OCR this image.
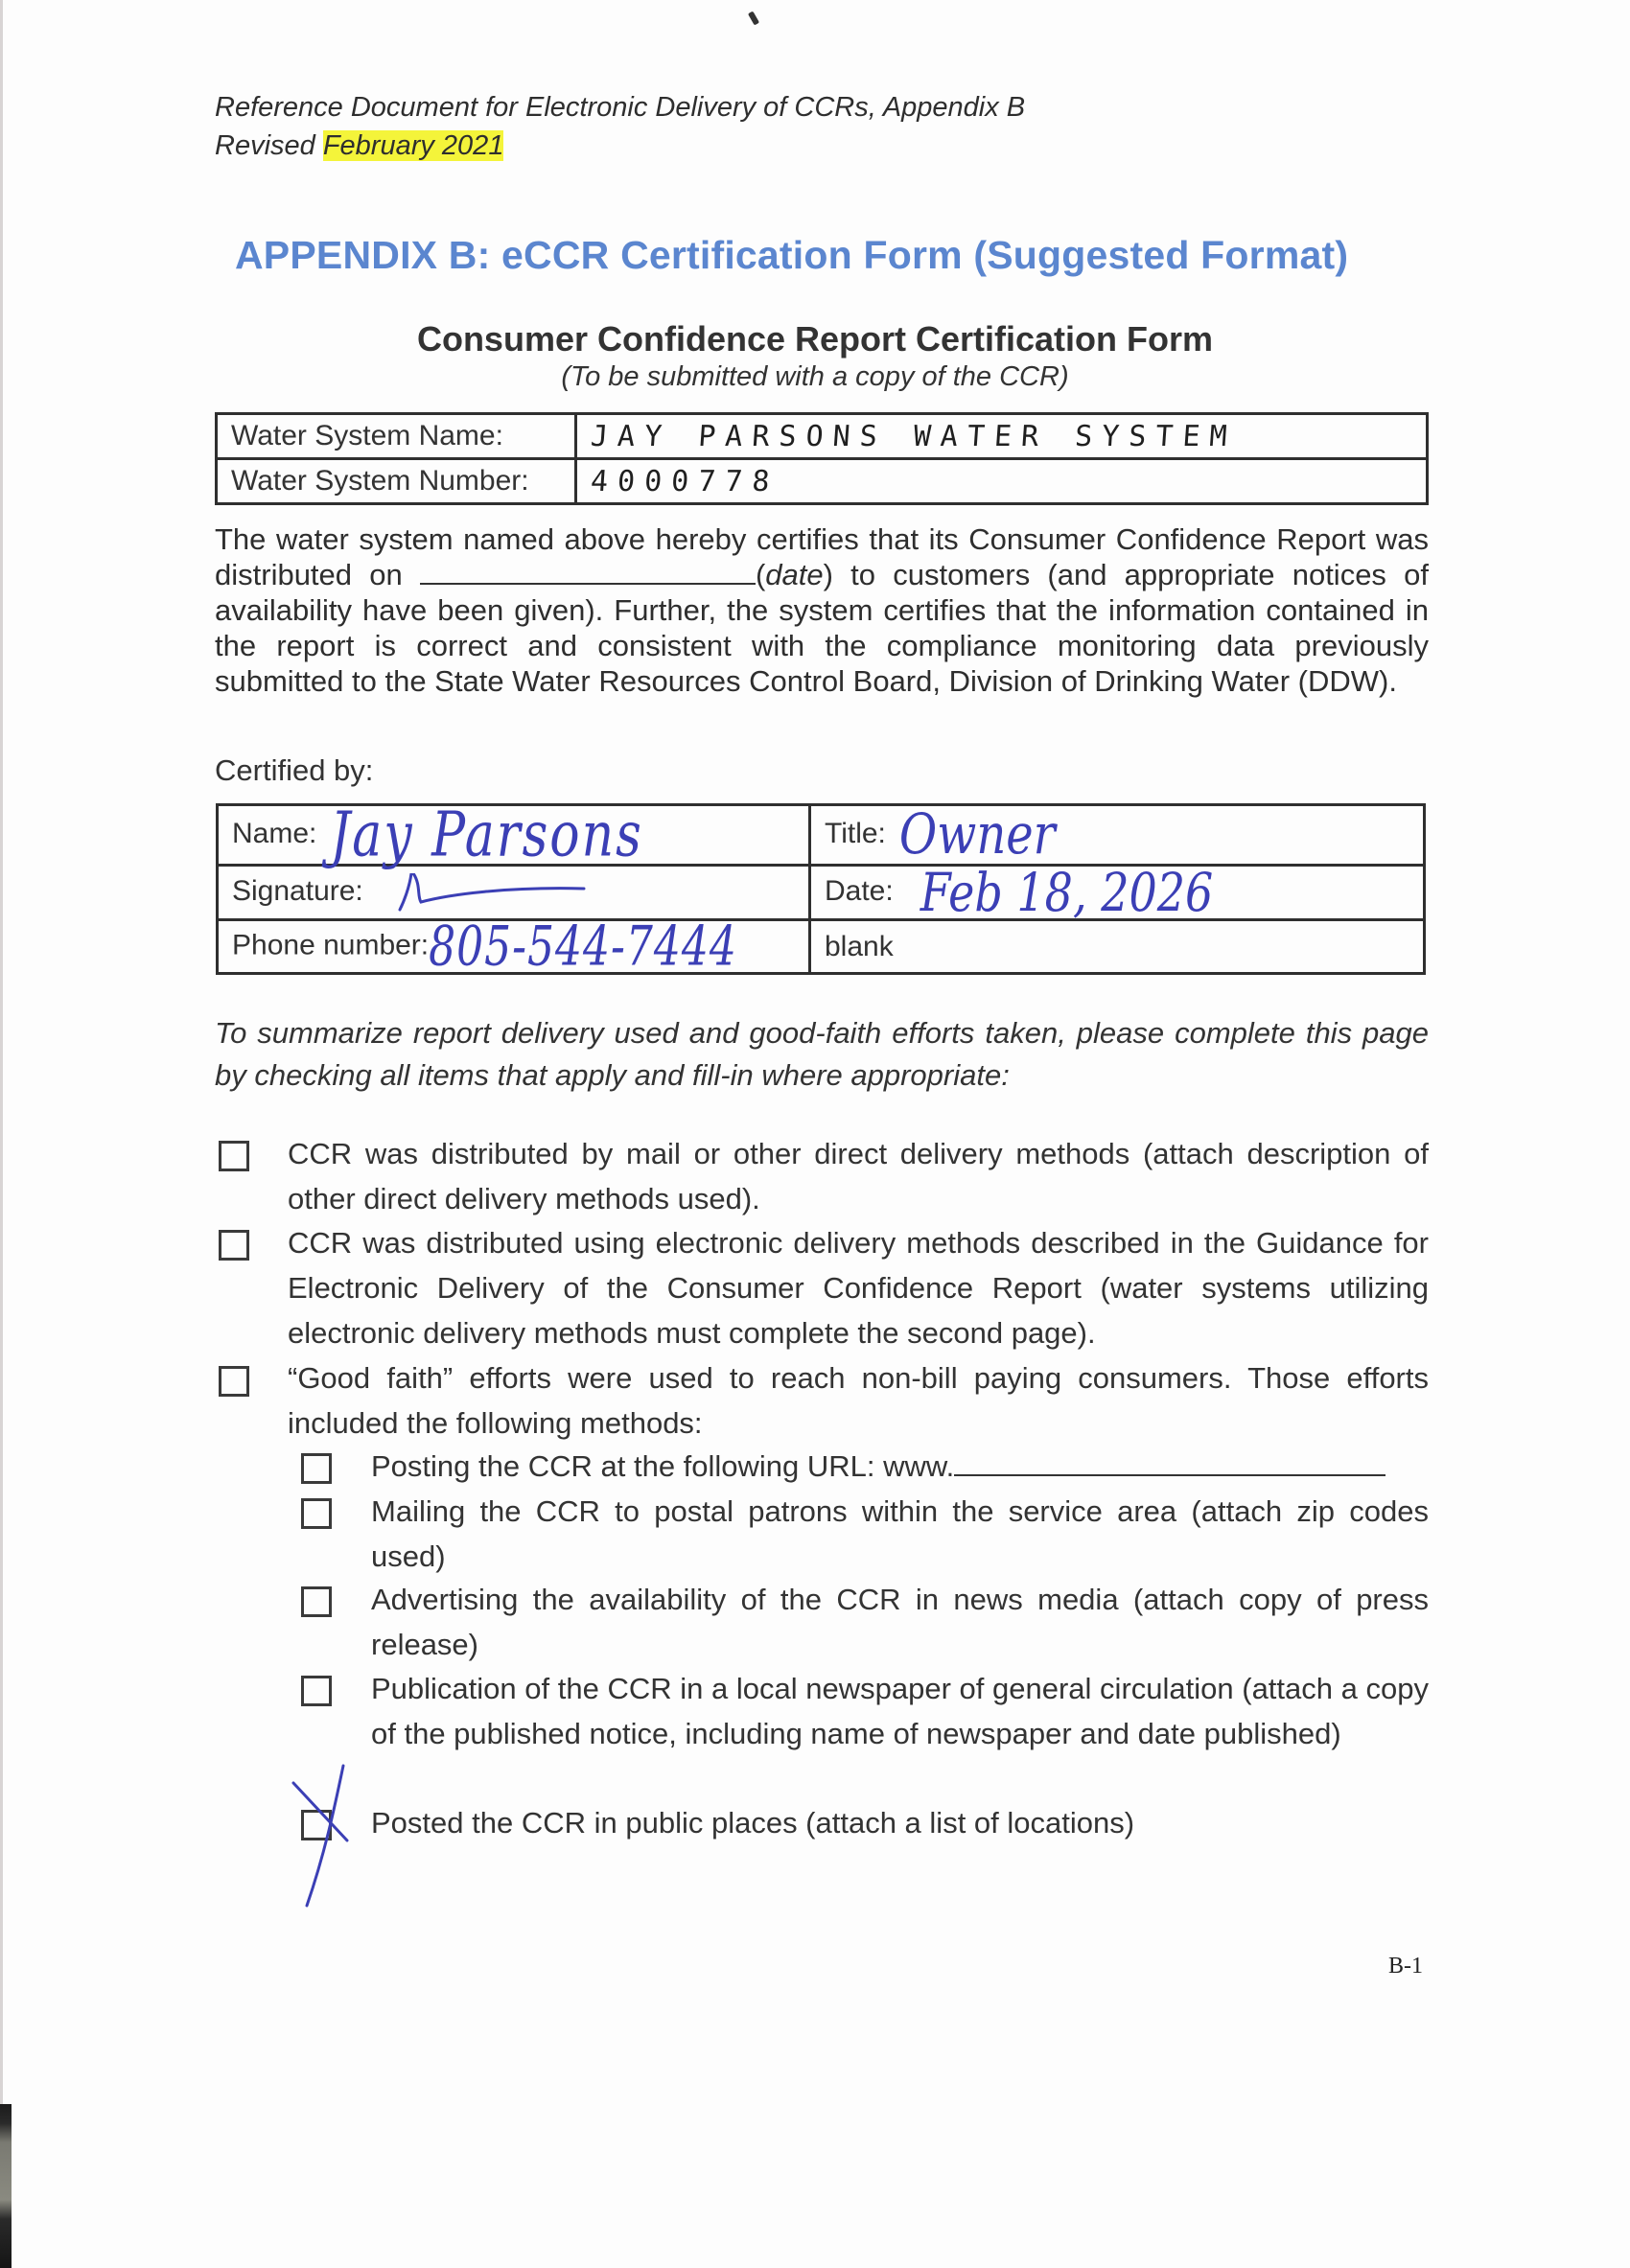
Reference Document for Electronic Delivery of CCRs, Appendix B
Revised February 2021
APPENDIX B: eCCR Certification Form (Suggested Format)
Consumer Confidence Report Certification Form
(To be submitted with a copy of the CCR)
Water System Name:	JAY PARSONS WATER SYSTEM
Water System Number:	4000778
The water system named above hereby certifies that its Consumer Confidence Report was distributed on	(date) to customers (and appropriate notices of availability have been given). Further, the system certifies that the information contained in the report is correct and consistent with the compliance monitoring data previously submitted to the State Water Resources Control Board, Division of Drinking Water (DDW).
Certified by:
Name: Jay Parsons	Title: Owner
Signature:	Date: Feb 18, 2026
Phone number:805-544-7444	blank
To summarize report delivery used and good-faith efforts taken, please complete this page by checking all items that apply and fill-in where appropriate:
CCR was distributed by mail or other direct delivery methods (attach description of other direct delivery methods used).
CCR was distributed using electronic delivery methods described in the Guidance for Electronic Delivery of the Consumer Confidence Report (water systems utilizing electronic delivery methods must complete the second page).
“Good faith” efforts were used to reach non-bill paying consumers. Those efforts included the following methods:
Posting the CCR at the following URL: www.
Mailing the CCR to postal patrons within the service area (attach zip codes used)
Advertising the availability of the CCR in news media (attach copy of press release)
Publication of the CCR in a local newspaper of general circulation (attach a copy of the published notice, including name of newspaper and date published)
Posted the CCR in public places (attach a list of locations)
B-1
